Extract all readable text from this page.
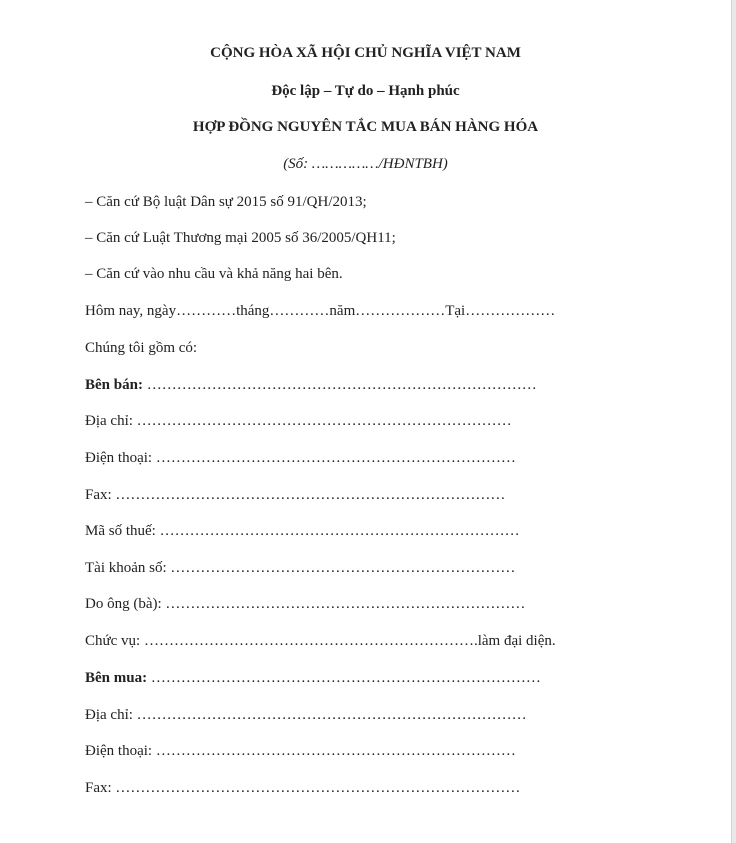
CỘNG HÒA XÃ HỘI CHỦ NGHĨA VIỆT NAM
Độc lập – Tự do – Hạnh phúc
HỢP ĐỒNG NGUYÊN TẮC MUA BÁN HÀNG HÓA
(Số: ……………/HĐNTBH)
– Căn cứ Bộ luật Dân sự 2015 số 91/QH/2013;
– Căn cứ Luật Thương mại 2005 số 36/2005/QH11;
– Căn cứ vào nhu cầu và khả năng hai bên.
Hôm nay, ngày…………tháng…………năm………………Tại………………
Chúng tôi gồm có:
Bên bán: ……………………………………………………………………
Địa chỉ: …………………………………………………………………
Điện thoại: ………………………………………………………………
Fax: ……………………………………………………………………
Mã số thuế: ………………………………………………………………
Tài khoản số: ……………………………………………………………
Do ông (bà): ………………………………………………………………
Chức vụ: ………………………………………………………….làm đại diện.
Bên mua: ……………………………………………………………………
Địa chỉ: ……………………………………………………………………
Điện thoại: ………………………………………………………………
Fax: ………………………………………………………………………
